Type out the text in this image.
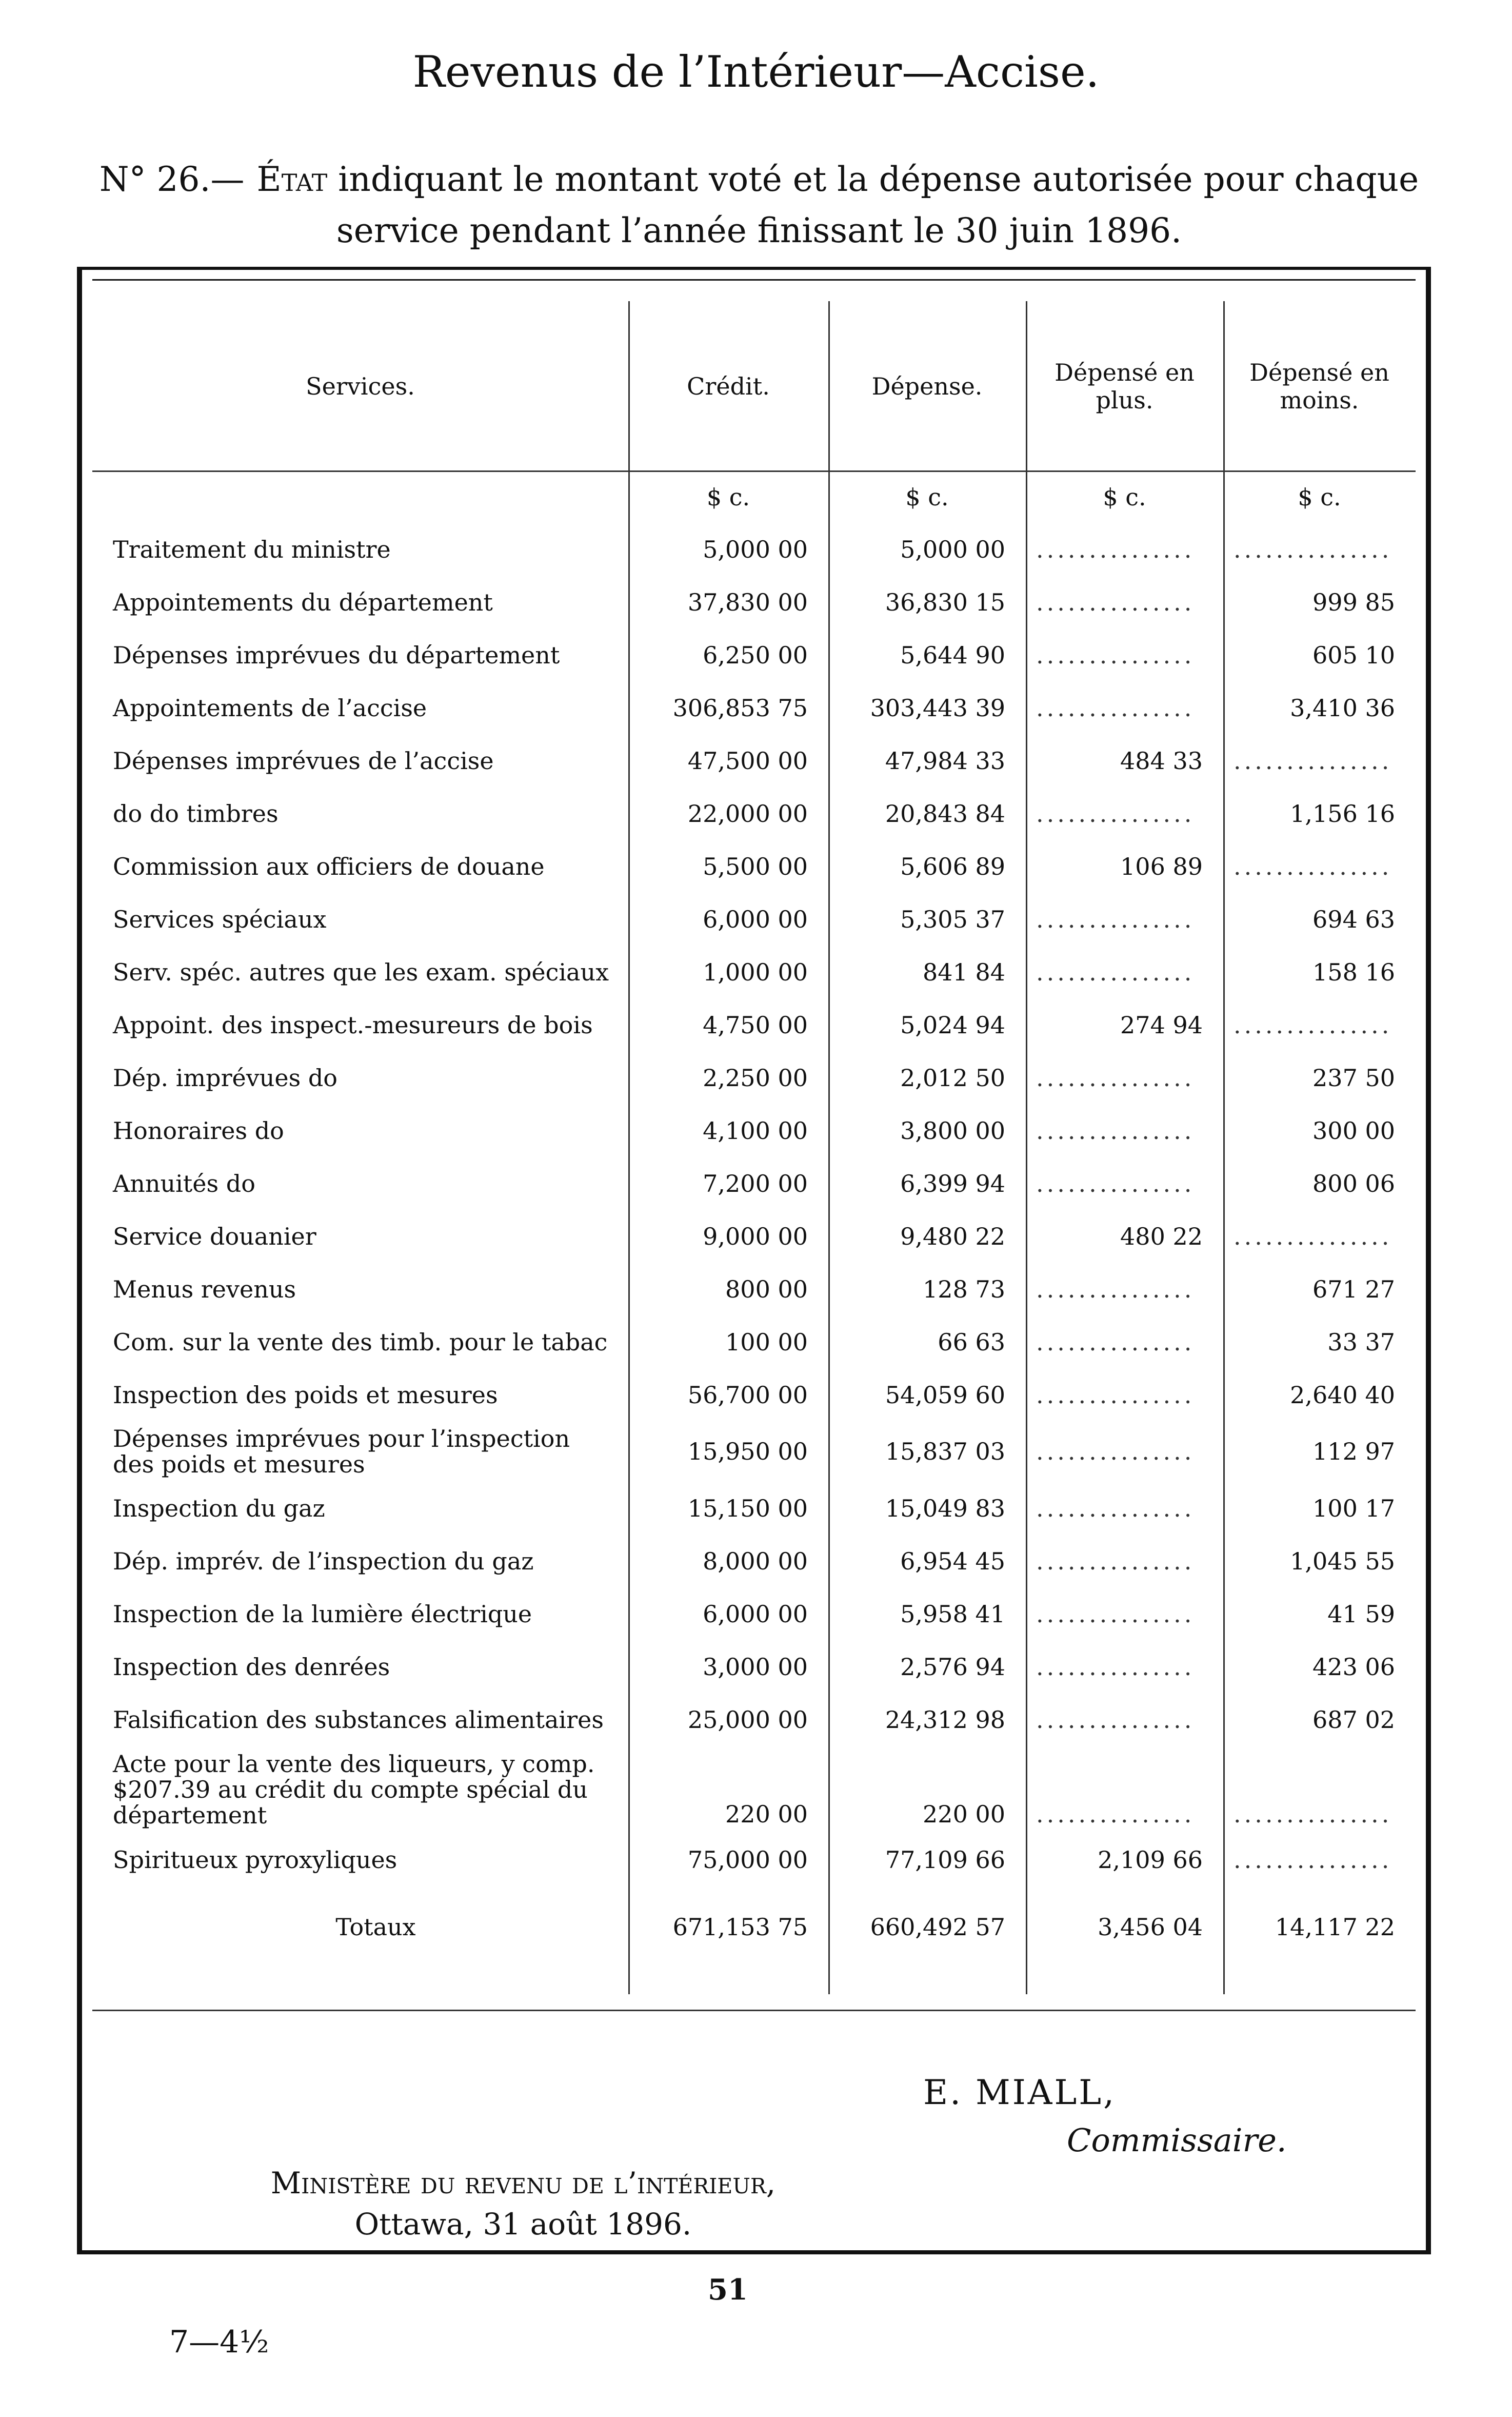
Revenus de l’Intérieur—Accise.
N° 26.— État indiquant le montant voté et la dépense autorisée pour chaque
service pendant l’année finissant le 30 juin 1896.
Services.	Crédit.	Dépense.	Dépensé en plus.	Dépensé en moins.
	$ c.	$ c.	$ c.	$ c.
Traitement du ministre	5,000 00	5,000 00	...............	...............
Appointements du département	37,830 00	36,830 15	...............	999 85
Dépenses imprévues du département	6,250 00	5,644 90	...............	605 10
Appointements de l’accise	306,853 75	303,443 39	...............	3,410 36
Dépenses imprévues de l’accise	47,500 00	47,984 33	484 33	...............
do do timbres	22,000 00	20,843 84	...............	1,156 16
Commission aux officiers de douane	5,500 00	5,606 89	106 89	...............
Services spéciaux	6,000 00	5,305 37	...............	694 63
Serv. spéc. autres que les exam. spéciaux	1,000 00	841 84	...............	158 16
Appoint. des inspect.-mesureurs de bois	4,750 00	5,024 94	274 94	...............
Dép. imprévues do	2,250 00	2,012 50	...............	237 50
Honoraires do	4,100 00	3,800 00	...............	300 00
Annuités do	7,200 00	6,399 94	...............	800 06
Service douanier	9,000 00	9,480 22	480 22	...............
Menus revenus	800 00	128 73	...............	671 27
Com. sur la vente des timb. pour le tabac	100 00	66 63	...............	33 37
Inspection des poids et mesures	56,700 00	54,059 60	...............	2,640 40

Dépenses imprévues pour l’inspection des poids et mesures	15,950 00	15,837 03	...............	112 97
Inspection du gaz	15,150 00	15,049 83	...............	100 17
Dép. imprév. de l’inspection du gaz	8,000 00	6,954 45	...............	1,045 55
Inspection de la lumière électrique	6,000 00	5,958 41	...............	41 59
Inspection des denrées	3,000 00	2,576 94	...............	423 06
Falsification des substances alimentaires	25,000 00	24,312 98	...............	687 02

Acte pour la vente des liqueurs, y comp. $207.39 au crédit du compte spécial du département	220 00	220 00	...............	...............
Spiritueux pyroxyliques	75,000 00	77,109 66	2,109 66	...............
Totaux	671,153 75	660,492 57	3,456 04	14,117 22
E. MIALL,
Commissaire.
Ministère du revenu de l’intérieur,
Ottawa, 31 août 1896.
51
7—4½
